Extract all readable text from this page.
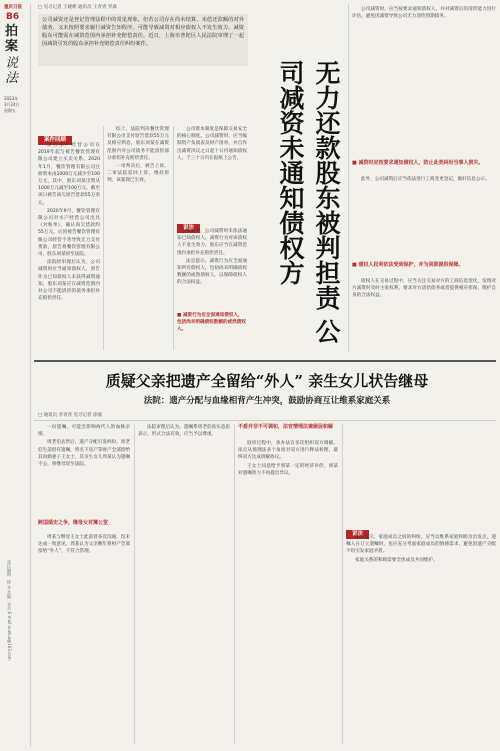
重庆日报
B6
拍案
说法
2023年
3月24日
星期五
责任编辑：徐 冬 美编：邓杰 E-mail:xueluo@163.com
□ 见习记者 王晓彬 通讯员 王青青 罗森
公司减资还是登记管理法程中的常见现象，但若公司存在尚未结算、未偿还款额的对外债务，又未按照要求履行减资告知程序，可能导致减资对相应债权人不发生效力。减资股东可能需在减资范围内承担补充赔偿责任。近日，上海市普陀区人民法院审理了一起因减资引发的股东承担补充赔偿责任纠纷案件。
无力还款股东被判担责 公司减资未通知债权方
案件回顾

原告水产经营公司在2019年起与被告餐饮管理有限公司建立买卖关系。2020年1月，餐饮管理有限公司注册资本由1000万元减少至100万元，其中，股东刘某出资从1000万元减至100万元。截至该日被告尚欠原告货款55万余元。

2020年9月，餐饮管理有限公司对水产经营公司出具《对账单》，确认尚欠货款约55万元。后因被告餐饮管理有限公司经营不善导致无力支付货款，原告将餐饮管理有限公司、股东刘某诉至法院。

法院经审理后认为，公司减资时应当通知债权人，原告作为已知债权人未获得减资通知，股东刘某应在减资范围内对公司不能清偿的债务承担补充赔偿责任。

综上，法院判决餐饮管理有限公司支付原告货款55万元及相应利息，股东刘某在减资范围内对公司债务不能清偿部分承担补充赔偿责任。

一审判决后，被告上诉。二审法院驳回上诉，维持原判，该案现已生效。

公司资本制度是保障交易安全的核心制度。公司减资时，应当编制资产负债表及财产清单，并自作出减资决议之日起十日内通知债权人，于三十日内在报纸上公告。

说法

该案中，公司减资时未依法通知已知债权人，减资行为对该债权人不发生效力，股东应当在减资范围内承担补充赔偿责任。

法官提示，减资行为应全面通知所有债权人，包括尚未明确债权数额的或然债权人，以保障债权人的合法权益。

■ 减资行为应全面通知债权人，包括尚未明确债权数额的或然债权人。

公司减资时，应当按要求通知债权人，并对减资后的清偿能力进行评估，避免因减资导致公司无力清偿到期债务。

■ 减资时应按要求通知债权人，防止此类纠纷当事人损失。

此外，公司减资后应当依法进行工商变更登记，做好信息公示。

■ 债权人权利依法受到保护，并为回款提供保障。

债权人在交易过程中，应当关注交易对方的工商信息变化，发现对方减资时及时主张权利，要求对方清偿债务或者提供相应担保，维护自身的合法权益。

质疑父亲把遗产全留给“外人” 亲生女儿状告继母
法院：遗产分配与血缘相背产生冲突，鼓励协商互让维系家庭关系
□ 通讯员 李青青 见习记者 徐嘉

一份遗嘱，可能会影响两代人的血脉亲情。

周老伯去世后，遗产分配引发纠纷。周老伯生前留有遗嘱，将名下房产等财产全部留给其再婚妻子王女士，其亲生女儿周某认为遗嘱不公，将继母诉至法院。

跨国婚史之争，继母女对簿公堂

周某与继母王女士此前曾多次沟通，均未达成一致意见。周某认为父亲晚年将财产全部留给“外人”，不符合常理。

法院审理后认为，遗嘱系周老伯真实意思表示，形式合法有效，应当予以尊重。

不盾并非不可调和，法官情理法兼顾促和解

庭审过程中，承办法官多次组织双方调解。法官从情理法多个角度对双方进行释法析理，最终双方达成调解协议。

王女士同意给予周某一定的经济补偿，周某对遗嘱效力不再提出异议。

说法

法官提示，家庭成员之间的纠纷，应当以维系家庭和睦为出发点。遗嘱人在订立遗嘱时，也应充分考虑家庭成员的情感需求，避免因遗产分配不均引发家庭矛盾。

家庭关系的和睦需要全体成员共同维护。
